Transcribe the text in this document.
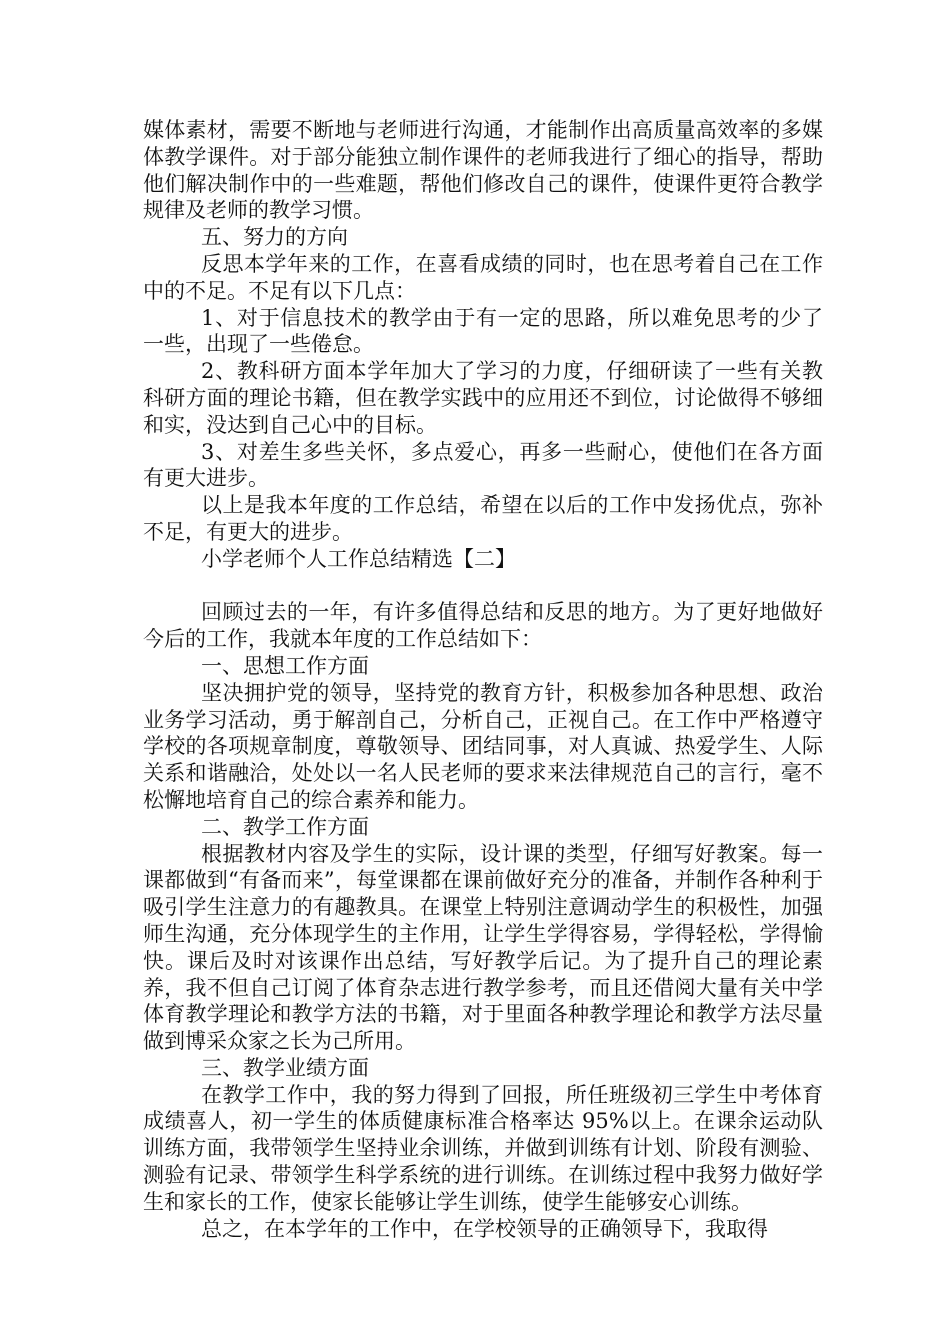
媒体素材，需要不断地与老师进行沟通，才能制作出高质量高效率的多媒体教学课件。对于部分能独立制作课件的老师我进行了细心的指导，帮助他们解决制作中的一些难题，帮他们修改自己的课件，使课件更符合教学规律及老师的教学习惯。

五、努力的方向

反思本学年来的工作，在喜看成绩的同时，也在思考着自己在工作中的不足。不足有以下几点：

1、对于信息技术的教学由于有一定的思路，所以难免思考的少了一些，出现了一些倦怠。

2、教科研方面本学年加大了学习的力度，仔细研读了一些有关教科研方面的理论书籍，但在教学实践中的应用还不到位，讨论做得不够细和实，没达到自己心中的目标。

3、对差生多些关怀，多点爱心，再多一些耐心，使他们在各方面有更大进步。

以上是我本年度的工作总结，希望在以后的工作中发扬优点，弥补不足，有更大的进步。

小学老师个人工作总结精选【二】

回顾过去的一年，有许多值得总结和反思的地方。为了更好地做好今后的工作，我就本年度的工作总结如下：

一、思想工作方面

坚决拥护党的领导，坚持党的教育方针，积极参加各种思想、政治业务学习活动，勇于解剖自己，分析自己，正视自己。在工作中严格遵守学校的各项规章制度，尊敬领导、团结同事，对人真诚、热爱学生、人际关系和谐融洽，处处以一名人民老师的要求来法律规范自己的言行，毫不松懈地培育自己的综合素养和能力。

二、教学工作方面

根据教材内容及学生的实际，设计课的类型，仔细写好教案。每一课都做到“有备而来”，每堂课都在课前做好充分的准备，并制作各种利于吸引学生注意力的有趣教具。在课堂上特别注意调动学生的积极性，加强师生沟通，充分体现学生的主作用，让学生学得容易，学得轻松，学得愉快。课后及时对该课作出总结，写好教学后记。为了提升自己的理论素养，我不但自己订阅了体育杂志进行教学参考，而且还借阅大量有关中学体育教学理论和教学方法的书籍，对于里面各种教学理论和教学方法尽量做到博采众家之长为己所用。

三、教学业绩方面

在教学工作中，我的努力得到了回报，所任班级初三学生中考体育成绩喜人，初一学生的体质健康标准合格率达 95%以上。在课余运动队训练方面，我带领学生坚持业余训练，并做到训练有计划、阶段有测验、测验有记录、带领学生科学系统的进行训练。在训练过程中我努力做好学生和家长的工作，使家长能够让学生训练，使学生能够安心训练。

总之，在本学年的工作中，在学校领导的正确领导下，我取得
